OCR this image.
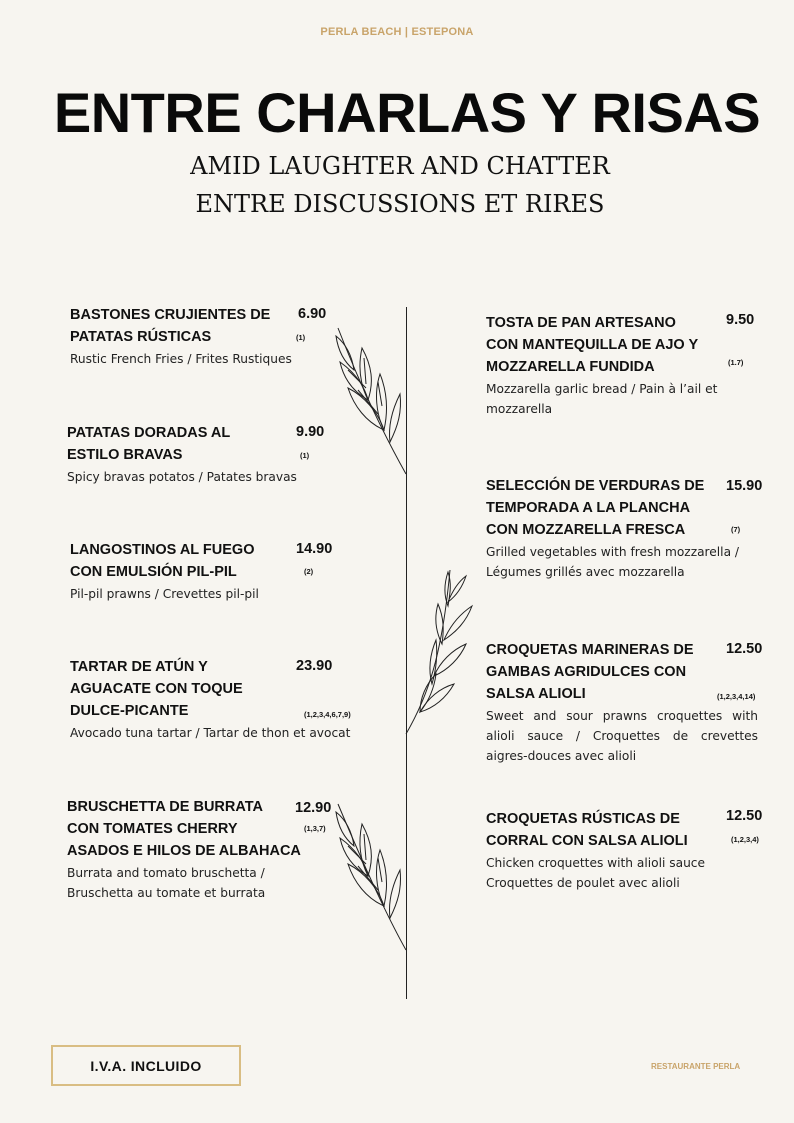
PERLA BEACH | ESTEPONA
ENTRE CHARLAS Y RISAS
AMID LAUGHTER AND CHATTER
ENTRE DISCUSSIONS ET RIRES
BASTONES CRUJIENTES DE
PATATAS RÚSTICAS
Rustic French Fries / Frites Rustiques
6.90
(1)
PATATAS DORADAS AL
ESTILO BRAVAS
Spicy bravas potatos / Patates bravas
9.90
(1)
LANGOSTINOS AL FUEGO
CON EMULSIÓN PIL-PIL
Pil-pil prawns / Crevettes pil-pil
14.90
(2)
TARTAR DE ATÚN Y
AGUACATE CON TOQUE
DULCE-PICANTE
Avocado tuna tartar / Tartar de thon et avocat
23.90
(1,2,3,4,6,7,9)
BRUSCHETTA DE BURRATA
CON TOMATES CHERRY
ASADOS E HILOS DE ALBAHACA
Burrata and tomato bruschetta /
Bruschetta au tomate et burrata
12.90
(1,3,7)
TOSTA DE PAN ARTESANO
CON MANTEQUILLA DE AJO Y
MOZZARELLA FUNDIDA
Mozzarella garlic bread / Pain à l’ail et
mozzarella
9.50
(1.7)
SELECCIÓN DE VERDURAS DE
TEMPORADA A LA PLANCHA
CON MOZZARELLA FRESCA
Grilled vegetables with fresh mozzarella /
Légumes grillés avec mozzarella
15.90
(7)
CROQUETAS MARINERAS DE
GAMBAS AGRIDULCES CON
SALSA ALIOLI
Sweet and sour prawns croquettes with
alioli sauce / Croquettes de crevettes
aigres-douces avec alioli
12.50
(1,2,3,4,14)
CROQUETAS RÚSTICAS DE
CORRAL CON SALSA ALIOLI
Chicken croquettes with alioli sauce
Croquettes de poulet avec alioli
12.50
(1,2,3,4)
I.V.A. INCLUIDO	RESTAURANTE PERLA
